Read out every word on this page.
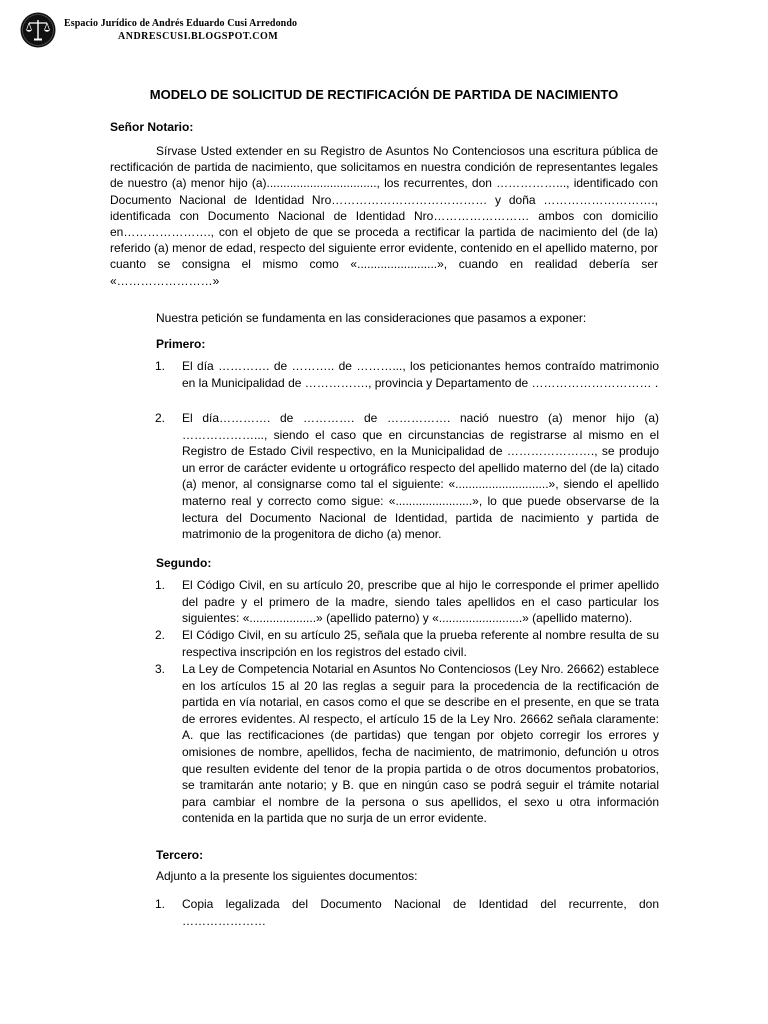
Espacio Jurídico de Andrés Eduardo Cusi Arredondo
ANDRESCUSI.BLOGSPOT.COM
MODELO DE SOLICITUD DE RECTIFICACIÓN DE PARTIDA DE NACIMIENTO
Señor Notario:
Sírvase Usted extender en su Registro de Asuntos No Contenciosos una escritura pública de rectificación de partida de nacimiento, que solicitamos en nuestra condición de representantes legales de nuestro (a) menor hijo (a)................................., los recurrentes, don ……………..., identificado con Documento Nacional de Identidad Nro………………………………… y doña ………………………., identificada con Documento Nacional de Identidad Nro…………………… ambos con domicilio en…………………., con el objeto de que se proceda a rectificar la partida de nacimiento del (de la) referido (a) menor de edad, respecto del siguiente error evidente, contenido en el apellido materno, por cuanto se consigna el mismo como «........................», cuando en realidad debería ser «……………………»
Nuestra petición se fundamenta en las consideraciones que pasamos a exponer:
Primero:
1. El día …………. de ……….. de ………..., los peticionantes hemos contraído matrimonio en la Municipalidad de ……………., provincia y Departamento de ………………………… .
2. El día…………. de …………. de ……………. nació nuestro (a) menor hijo (a) ………………..., siendo el caso que en circunstancias de registrarse al mismo en el Registro de Estado Civil respectivo, en la Municipalidad de …………………., se produjo un error de carácter evidente u ortográfico respecto del apellido materno del (de la) citado (a) menor, al consignarse como tal el siguiente: «............................», siendo el apellido materno real y correcto como sigue: «.......................», lo que puede observarse de la lectura del Documento Nacional de Identidad, partida de nacimiento y partida de matrimonio de la progenitora de dicho (a) menor.
Segundo:
1. El Código Civil, en su artículo 20, prescribe que al hijo le corresponde el primer apellido del padre y el primero de la madre, siendo tales apellidos en el caso particular los siguientes: «....................» (apellido paterno) y «.........................» (apellido materno).
2. El Código Civil, en su artículo 25, señala que la prueba referente al nombre resulta de su respectiva inscripción en los registros del estado civil.
3. La Ley de Competencia Notarial en Asuntos No Contenciosos (Ley Nro. 26662) establece en los artículos 15 al 20 las reglas a seguir para la procedencia de la rectificación de partida en vía notarial, en casos como el que se describe en el presente, en que se trata de errores evidentes. Al respecto, el artículo 15 de la Ley Nro. 26662 señala claramente: A. que las rectificaciones (de partidas) que tengan por objeto corregir los errores y omisiones de nombre, apellidos, fecha de nacimiento, de matrimonio, defunción u otros que resulten evidente del tenor de la propia partida o de otros documentos probatorios, se tramitarán ante notario; y B. que en ningún caso se podrá seguir el trámite notarial para cambiar el nombre de la persona o sus apellidos, el sexo u otra información contenida en la partida que no surja de un error evidente.
Tercero:
Adjunto a la presente los siguientes documentos:
1. Copia legalizada del Documento Nacional de Identidad del recurrente, don …………………
